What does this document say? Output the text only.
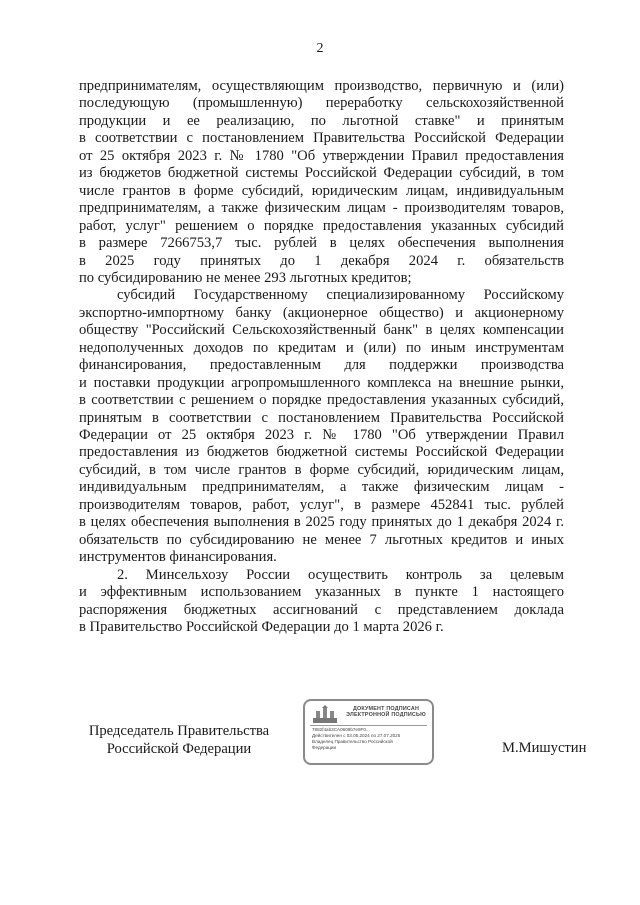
2
предпринимателям, осуществляющим производство, первичную и (или)
последующую (промышленную) переработку сельскохозяйственной
продукции и ее реализацию, по льготной ставке" и принятым
в соответствии с постановлением Правительства Российской Федерации
от 25 октября 2023 г. № 1780 "Об утверждении Правил предоставления
из бюджетов бюджетной системы Российской Федерации субсидий, в том
числе грантов в форме субсидий, юридическим лицам, индивидуальным
предпринимателям, а также физическим лицам - производителям товаров,
работ, услуг" решением о порядке предоставления указанных субсидий
в размере 7266753,7 тыс. рублей в целях обеспечения выполнения
в 2025 году принятых до 1 декабря 2024 г. обязательств
по субсидированию не менее 293 льготных кредитов;
субсидий Государственному специализированному Российскому
экспортно-импортному банку (акционерное общество) и акционерному
обществу "Российский Сельскохозяйственный банк" в целях компенсации
недополученных доходов по кредитам и (или) по иным инструментам
финансирования, предоставленным для поддержки производства
и поставки продукции агропромышленного комплекса на внешние рынки,
в соответствии с решением о порядке предоставления указанных субсидий,
принятым в соответствии с постановлением Правительства Российской
Федерации от 25 октября 2023 г. № 1780 "Об утверждении Правил
предоставления из бюджетов бюджетной системы Российской Федерации
субсидий, в том числе грантов в форме субсидий, юридическим лицам,
индивидуальным предпринимателям, а также физическим лицам -
производителям товаров, работ, услуг", в размере 452841 тыс. рублей
в целях обеспечения выполнения в 2025 году принятых до 1 декабря 2024 г.
обязательств по субсидированию не менее 7 льготных кредитов и иных
инструментов финансирования.
2. Минсельхозу России осуществить контроль за целевым
и эффективным использованием указанных в пункте 1 настоящего
распоряжения бюджетных ассигнований с представлением доклада
в Правительство Российской Федерации до 1 марта 2026 г.
Председатель Правительства
Российской Федерации
ДОКУМЕНТ ПОДПИСАН
ЭЛЕКТРОННОЙ ПОДПИСЬЮ
7882f4ab3CA0609b7e9F0...
Действителен с 03.05.2024 по 27.07.2025
Владелец Правительство Российской
Федерации	М.Мишустин
